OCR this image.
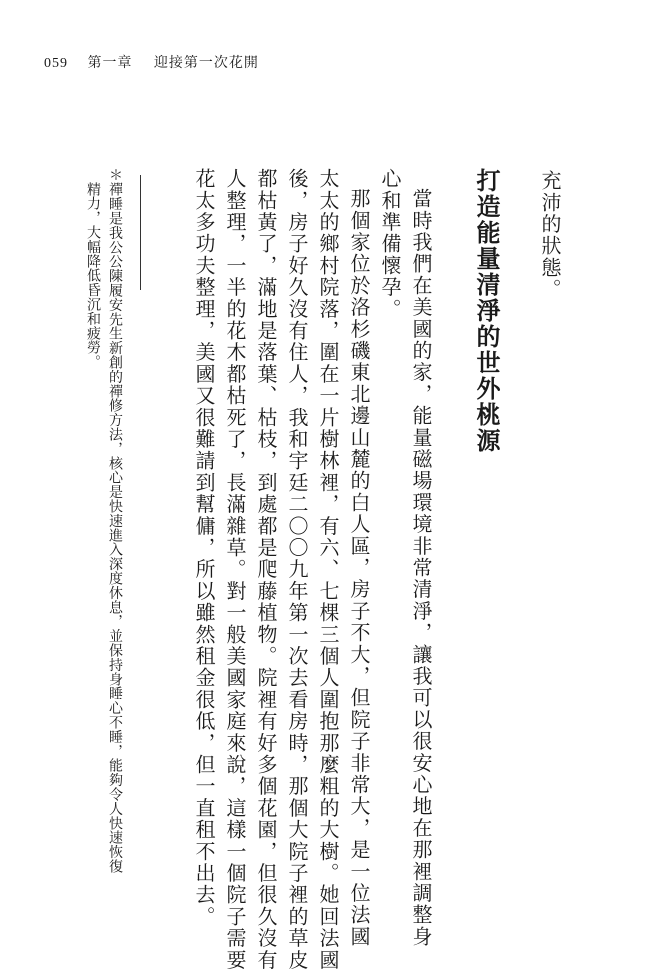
059 第一章 迎接第一次花開
充沛的狀態。
打造能量清淨的世外桃源
當時我們在美國的家，能量磁場環境非常清淨，讓我可以很安心地在那裡調整身
心和準備懷孕。
那個家位於洛杉磯東北邊山麓的白人區，房子不大，但院子非常大，是一位法國
太太的鄉村院落，圍在一片樹林裡，有六、七棵三個人圍抱那麼粗的大樹。她回法國
後，房子好久沒有住人，我和宇廷二〇〇九年第一次去看房時，那個大院子裡的草皮
都枯黃了，滿地是落葉、枯枝，到處都是爬藤植物。院裡有好多個花園，但很久沒有
人整理，一半的花木都枯死了，長滿雜草。對一般美國家庭來說，這樣一個院子需要
花太多功夫整理，美國又很難請到幫傭，所以雖然租金很低，但一直租不出去。
＊禪睡是我公公陳履安先生新創的禪修方法，核心是快速進入深度休息，並保持身睡心不睡，能夠令人快速恢復
精力，大幅降低昏沉和疲勞。
